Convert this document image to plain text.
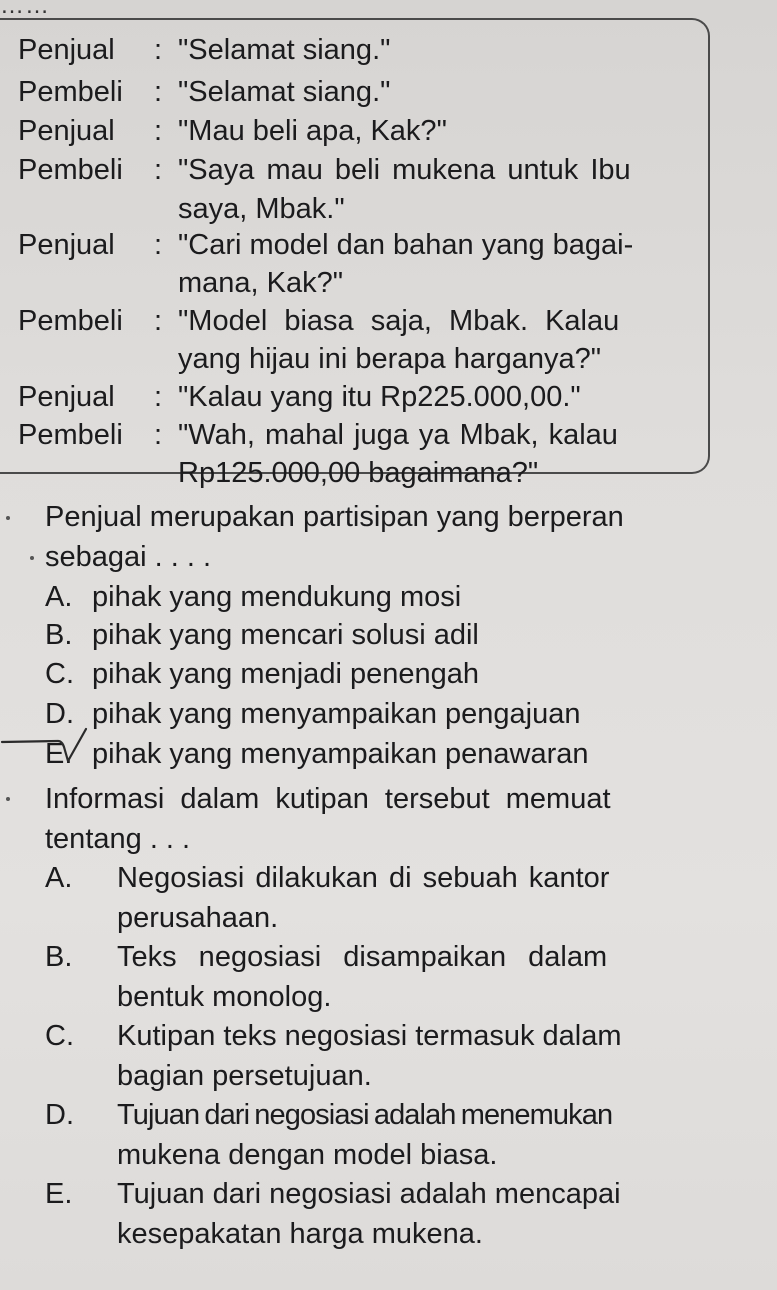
……
Penjual : "Selamat siang."
Pembeli : "Selamat siang."
Penjual : "Mau beli apa, Kak?"
Pembeli : "Saya mau beli mukena untuk Ibu
saya, Mbak."
Penjual : "Cari model dan bahan yang bagai-
mana, Kak?"
Pembeli : "Model biasa saja, Mbak. Kalau
yang hijau ini berapa harganya?"
Penjual : "Kalau yang itu Rp225.000,00."
Pembeli : "Wah, mahal juga ya Mbak, kalau
Rp125.000,00 bagaimana?"
Penjual merupakan partisipan yang berperan
sebagai . . . .
A. pihak yang mendukung mosi
B. pihak yang mencari solusi adil
C. pihak yang menjadi penengah
D. pihak yang menyampaikan pengajuan
E. pihak yang menyampaikan penawaran
Informasi dalam kutipan tersebut memuat
tentang . . .
A. Negosiasi dilakukan di sebuah kantor
perusahaan.
B. Teks negosiasi disampaikan dalam
bentuk monolog.
C. Kutipan teks negosiasi termasuk dalam
bagian persetujuan.
D. Tujuan dari negosiasi adalah menemukan
mukena dengan model biasa.
E. Tujuan dari negosiasi adalah mencapai
kesepakatan harga mukena.
